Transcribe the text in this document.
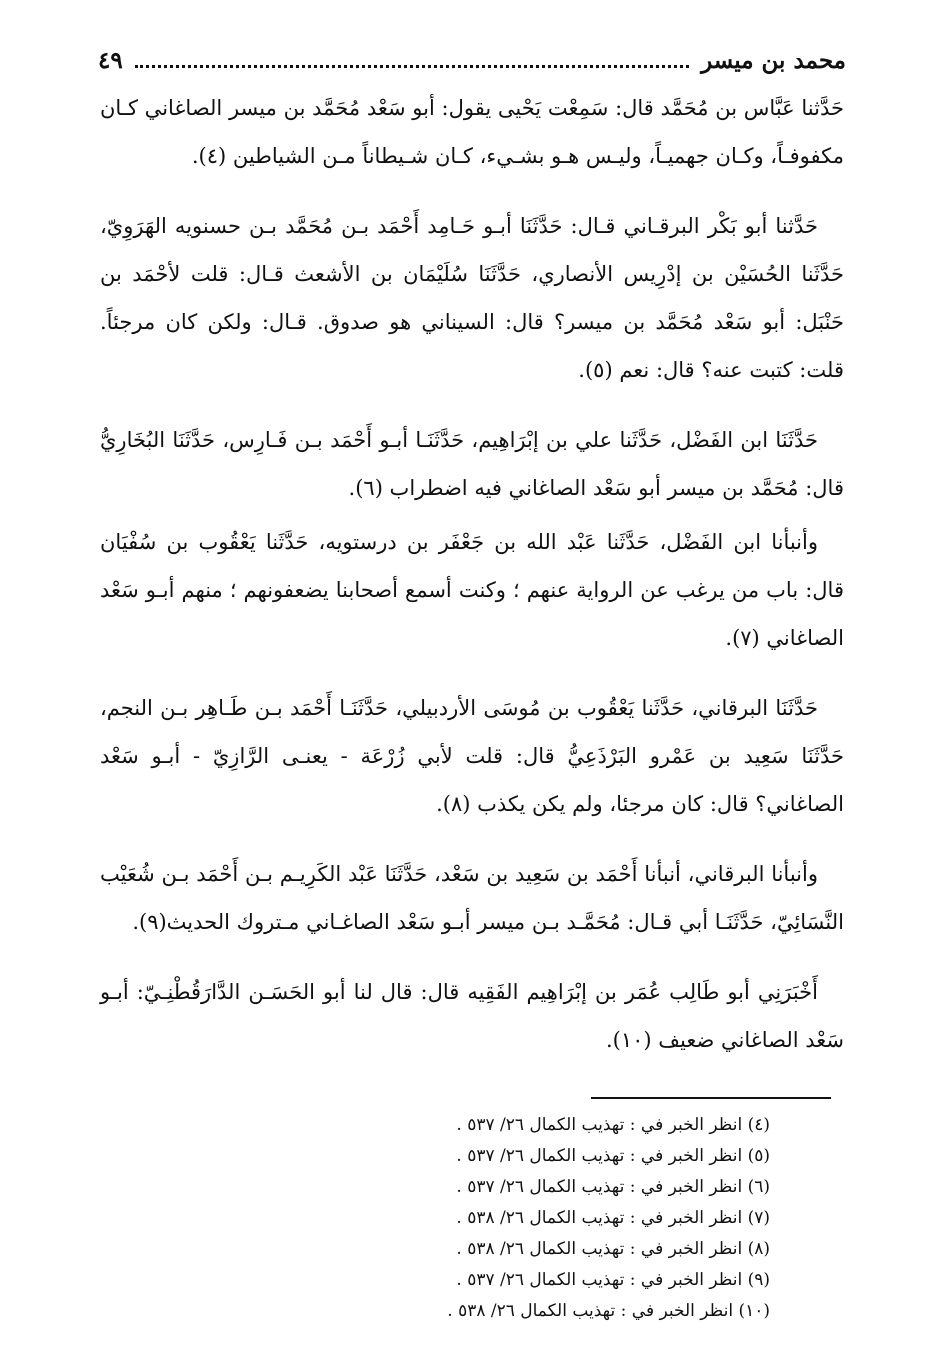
محمد بن ميسر
٤٩

حَدَّثنا عَبَّاس بن مُحَمَّد قال: سَمِعْت يَحْيى يقول: أبو سَعْد مُحَمَّد بن ميسر الصاغاني كـان مكفوفـاً، وكـان جهميـاً، وليـس هـو بشـيء، كـان شـيطاناً مـن الشياطين (٤).

حَدَّثنا أبو بَكْر البرقـاني قـال: حَدَّثَنَا أبـو حَـامِد أَحْمَد بـن مُحَمَّد بـن حسنويه الهَرَوِيّ، حَدَّثَنا الحُسَيْن بن إدْرِيس الأنصاري، حَدَّثَنَا سُلَيْمَان بن الأشعث قـال: قلت لأحْمَد بن حَنْبَل: أبو سَعْد مُحَمَّد بن ميسر؟ قال: السيناني هو صدوق. قـال: ولكن كان مرجئاً. قلت: كتبت عنه؟ قال: نعم (٥).

حَدَّثَنَا ابن الفَضْل، حَدَّثَنا علي بن إبْرَاهِيم، حَدَّثَنَـا أبـو أَحْمَد بـن فَـارِس، حَدَّثَنَا البُخَارِيُّ قال: مُحَمَّد بن ميسر أبو سَعْد الصاغاني فيه اضطراب (٦).

وأنبأنا ابن الفَضْل، حَدَّثَنا عَبْد الله بن جَعْفَر بن درستويه، حَدَّثَنا يَعْقُوب بن سُفْيَان قال: باب من يرغب عن الرواية عنهم ؛ وكنت أسمع أصحابنا يضعفونهم ؛ منهم أبـو سَعْد الصاغاني (٧).

حَدَّثَنَا البرقاني، حَدَّثَنا يَعْقُوب بن مُوسَى الأردبيلي، حَدَّثَنَـا أَحْمَد بـن طَـاهِر بـن النجم، حَدَّثَنَا سَعِيد بن عَمْرو البَرْذَعِيُّ قال: قلت لأبي زُرْعَة - يعنـى الرَّازِيّ - أبـو سَعْد الصاغاني؟ قال: كان مرجئا، ولم يكن يكذب (٨).

وأنبأنا البرقاني، أنبأنا أَحْمَد بن سَعِيد بن سَعْد، حَدَّثَنَا عَبْد الكَرِيـم بـن أَحْمَد بـن شُعَيْب النَّسَائِيّ، حَدَّثَنَـا أبي قـال: مُحَمَّـد بـن ميسر أبـو سَعْد الصاغـاني مـتروك الحديث(٩).

أَخْبَرَنِي أبو طَالِب عُمَر بن إبْرَاهِيم الفَقِيه قال: قال لنا أبو الحَسَـن الدَّارَقُطْنِـيّ: أبـو سَعْد الصاغاني ضعيف (١٠).

(٤) انظر الخبر في : تهذيب الكمال ٢٦/ ٥٣٧ .

(٥) انظر الخبر في : تهذيب الكمال ٢٦/ ٥٣٧ .

(٦) انظر الخبر في : تهذيب الكمال ٢٦/ ٥٣٧ .

(٧) انظر الخبر في : تهذيب الكمال ٢٦/ ٥٣٨ .

(٨) انظر الخبر في : تهذيب الكمال ٢٦/ ٥٣٨ .

(٩) انظر الخبر في : تهذيب الكمال ٢٦/ ٥٣٧ .

(١٠) انظر الخبر في : تهذيب الكمال ٢٦/ ٥٣٨ .
